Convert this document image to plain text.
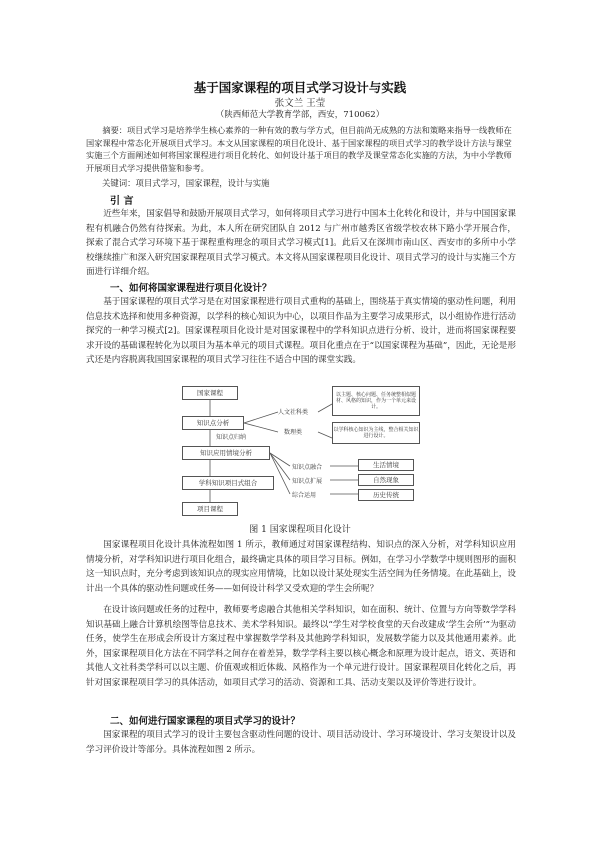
基于国家课程的项目式学习设计与实践
张文兰 王莹
（陕西师范大学教育学部，西安，710062）
摘要：项目式学习是培养学生核心素养的一种有效的教与学方式，但目前尚无成熟的方法和策略来指导一线教师在国家课程中常态化开展项目式学习。本文从国家课程的项目化设计、基于国家课程的项目式学习的教学设计方法与课堂实施三个方面阐述如何将国家课程进行项目化转化、如何设计基于项目的教学及课堂常态化实施的方法，为中小学教师开展项目式学习提供借鉴和参考。
关键词：项目式学习，国家课程，设计与实施
引 言
近些年来，国家倡导和鼓励开展项目式学习，如何将项目式学习进行中国本土化转化和设计，并与中国国家课程有机融合仍然有待探索。为此，本人所在研究团队自 2012 与广州市越秀区省级学校农林下路小学开展合作，探索了混合式学习环境下基于课程重构理念的项目式学习模式[1]。此后又在深圳市南山区、西安市的多所中小学校继续推广和深入研究国家课程项目式学习模式。本文将从国家课程项目化设计、项目式学习的设计与实施三个方面进行详细介绍。
一、如何将国家课程进行项目化设计？
基于国家课程的项目式学习是在对国家课程进行项目式重构的基础上，围绕基于真实情境的驱动性问题，利用信息技术选择和使用多种资源，以学科的核心知识为中心，以项目作品为主要学习成果形式，以小组协作进行活动探究的一种学习模式[2]。国家课程项目化设计是对国家课程中的学科知识点进行分析、设计，进而将国家课程要求开设的基础课程转化为以项目为基本单元的项目式课程。项目化重点在于“以国家课程为基础”，因此，无论是形式还是内容脱离我国国家课程的项目式学习往往不适合中国的课堂实践。
国家课程
知识点分析
知识点归纳
知识应用情境分析
学科知识项目式组合
项目课程
人文社科类
数理类
以主题、核心问题、任务统整相似题材、风格的知识，作为一个单元来设计。
以学科核心知识为主线，整合相关知识进行设计。
知识点融合
知识点扩展
综合运用
生活情境
自然现象
历史传统
图 1 国家课程项目化设计
国家课程项目化设计具体流程如图 1 所示，教师通过对国家课程结构、知识点的深入分析，对学科知识应用情境分析，对学科知识进行项目化组合，最终确定具体的项目学习目标。例如，在学习小学数学中规则图形的面积这一知识点时，充分考虑到该知识点的现实应用情境，比如以设计某处现实生活空间为任务情境。在此基础上，设计出一个具体的驱动性问题或任务——如何设计科学又受欢迎的学生会所呢？
在设计该问题或任务的过程中，教师要考虑融合其他相关学科知识，如在面积、统计、位置与方向等数学学科知识基础上融合计算机绘图等信息技术、美术学科知识。最终以“学生对学校食堂的天台改建成‘学生会所’”为驱动任务，使学生在形成会所设计方案过程中掌握数学学科及其他跨学科知识，发展数学能力以及其他通用素养。此外，国家课程项目化方法在不同学科之间存在着差异，数学学科主要以核心概念和原理为设计起点，语文、英语和其他人文社科类学科可以以主题、价值观或相近体裁、风格作为一个单元进行设计。国家课程项目化转化之后，再针对国家课程项目学习的具体活动，如项目式学习的活动、资源和工具、活动支架以及评价等进行设计。
二、如何进行国家课程的项目式学习的设计？
国家课程的项目式学习的设计主要包含驱动性问题的设计、项目活动设计、学习环境设计、学习支架设计以及学习评价设计等部分。具体流程如图 2 所示。
